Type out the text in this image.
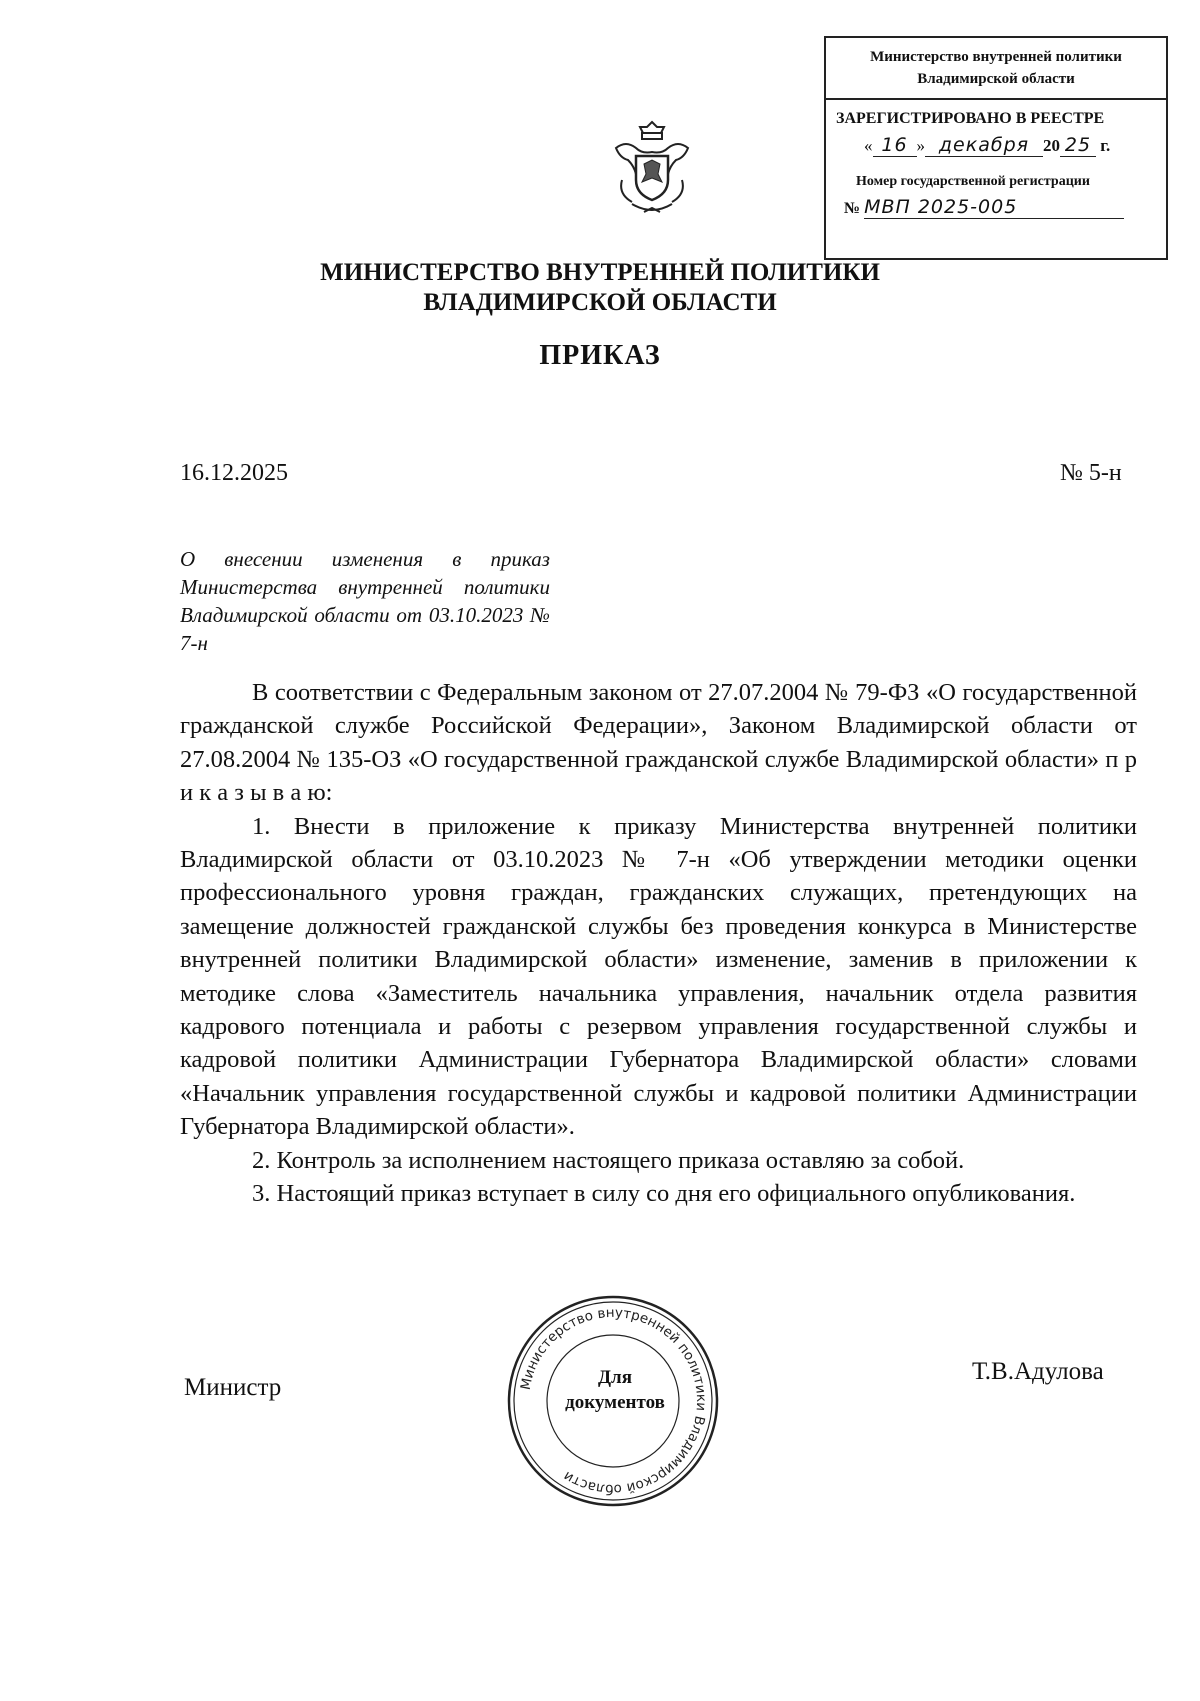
Министерство внутренней политики
Владимирской области
ЗАРЕГИСТРИРОВАНО В РЕЕСТРЕ
« 16 » декабря 20 25 г.
Номер государственной регистрации
№ МВП 2025-005
МИНИСТЕРСТВО ВНУТРЕННЕЙ ПОЛИТИКИ
ВЛАДИМИРСКОЙ ОБЛАСТИ
ПРИКАЗ
16.12.2025	№ 5-н
О внесении изменения в приказ Министерства внутренней политики Владимирской области от 03.10.2023 № 7-н

В соответствии с Федеральным законом от 27.07.2004 № 79-ФЗ «О государственной гражданской службе Российской Федерации», Законом Владимирской области от 27.08.2004 № 135-ОЗ «О государственной гражданской службе Владимирской области» п р и к а з ы в а ю:

1. Внести в приложение к приказу Министерства внутренней политики Владимирской области от 03.10.2023 № 7-н «Об утверждении методики оценки профессионального уровня граждан, гражданских служащих, претендующих на замещение должностей гражданской службы без проведения конкурса в Министерстве внутренней политики Владимирской области» изменение, заменив в приложении к методике слова «Заместитель начальника управления, начальник отдела развития кадрового потенциала и работы с резервом управления государственной службы и кадровой политики Администрации Губернатора Владимирской области» словами «Начальник управления государственной службы и кадровой политики Администрации Губернатора Владимирской области».

2. Контроль за исполнением настоящего приказа оставляю за собой.

3. Настоящий приказ вступает в силу со дня его официального опубликования.

Министерство внутренней политики Владимирской области
Для
документов
Министр
Т.В.Адулова
